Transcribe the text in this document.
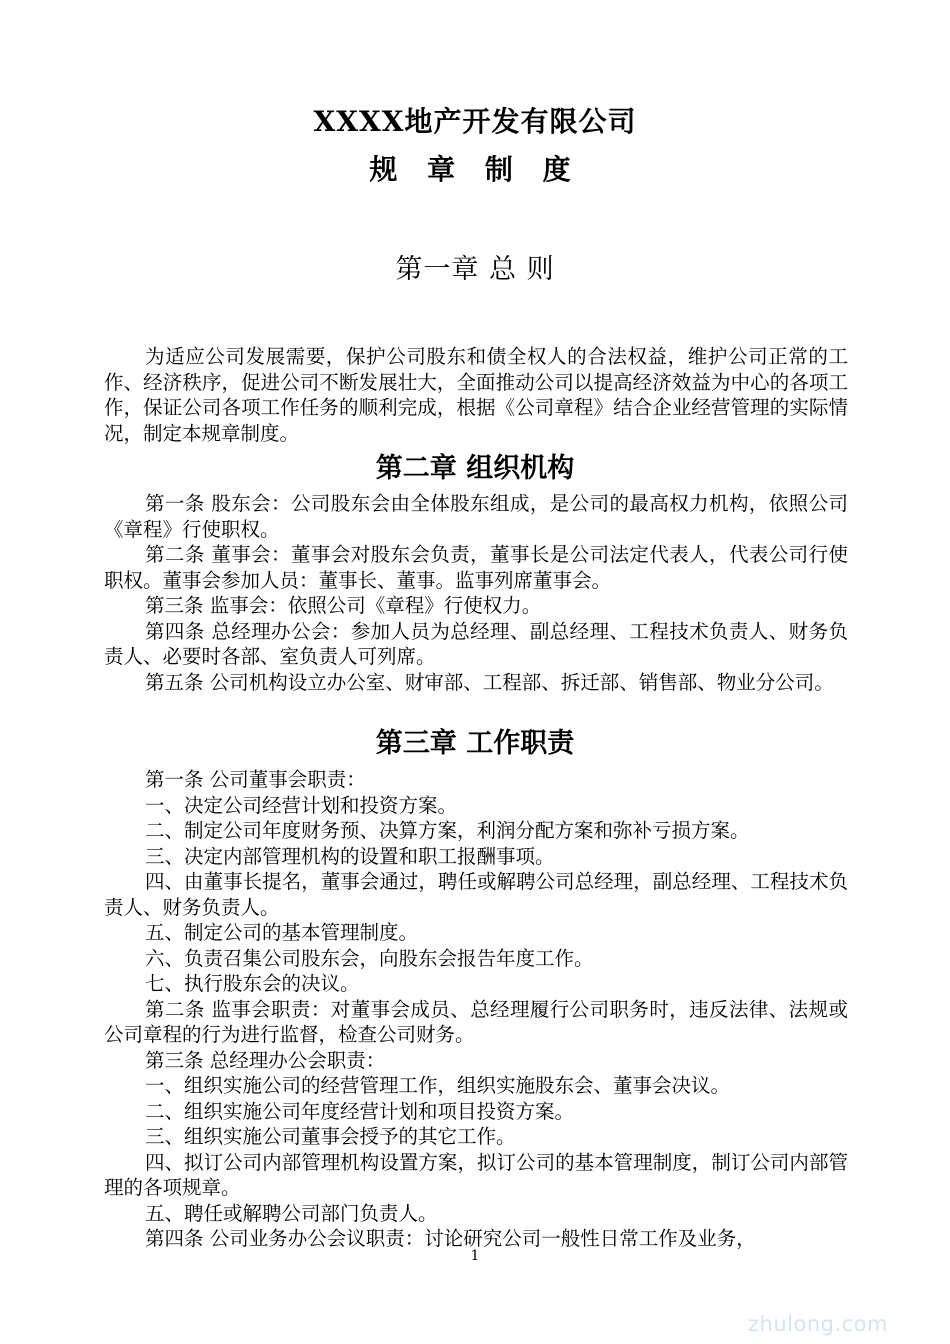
XXXX地产开发有限公司
规 章 制 度
第一章 总 则
为适应公司发展需要，保护公司股东和债全权人的合法权益，维护公司正常的工作、经济秩序，促进公司不断发展壮大，全面推动公司以提高经济效益为中心的各项工作，保证公司各项工作任务的顺利完成，根据《公司章程》结合企业经营管理的实际情况，制定本规章制度。
第二章 组织机构

第一条 股东会：公司股东会由全体股东组成，是公司的最高权力机构，依照公司《章程》行使职权。

第二条 董事会：董事会对股东会负责，董事长是公司法定代表人，代表公司行使职权。董事会参加人员：董事长、董事。监事列席董事会。

第三条 监事会：依照公司《章程》行使权力。

第四条 总经理办公会：参加人员为总经理、副总经理、工程技术负责人、财务负责人、必要时各部、室负责人可列席。

第五条 公司机构设立办公室、财审部、工程部、拆迁部、销售部、物业分公司。

第三章 工作职责

第一条 公司董事会职责：

一、决定公司经营计划和投资方案。

二、制定公司年度财务预、决算方案，利润分配方案和弥补亏损方案。

三、决定内部管理机构的设置和职工报酬事项。

四、由董事长提名，董事会通过，聘任或解聘公司总经理，副总经理、工程技术负责人、财务负责人。

五、制定公司的基本管理制度。

六、负责召集公司股东会，向股东会报告年度工作。

七、执行股东会的决议。

第二条 监事会职责：对董事会成员、总经理履行公司职务时，违反法律、法规或公司章程的行为进行监督，检查公司财务。

第三条 总经理办公会职责：

一、组织实施公司的经营管理工作，组织实施股东会、董事会决议。

二、组织实施公司年度经营计划和项目投资方案。

三、组织实施公司董事会授予的其它工作。

四、拟订公司内部管理机构设置方案，拟订公司的基本管理制度，制订公司内部管理的各项规章。

五、聘任或解聘公司部门负责人。

第四条 公司业务办公会议职责：讨论研究公司一般性日常工作及业务，

1
zhulong.com
